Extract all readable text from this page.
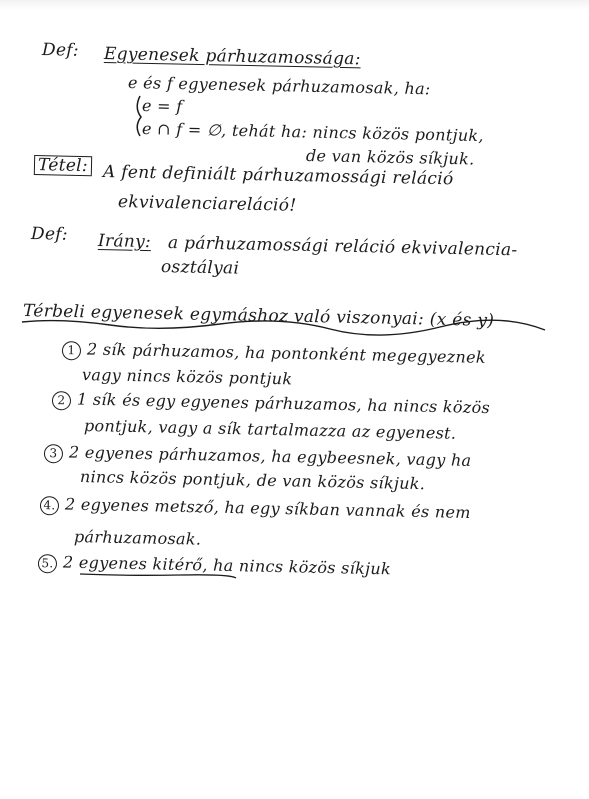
Def: Egyenesek párhuzamossága:
e és f egyenesek párhuzamosak, ha:
e = f
e ∩ f = ∅, tehát ha: nincs közös pontjuk,
de van közös síkjuk.
Tétel: A fent definiált párhuzamossági reláció
ekvivalenciareláció!
Def: Irány: a párhuzamossági reláció ekvivalencia-
osztályai
Térbeli egyenesek egymáshoz való viszonyai: (x és y)
1 2 sík párhuzamos, ha pontonként megegyeznek
vagy nincs közös pontjuk
2 1 sík és egy egyenes párhuzamos, ha nincs közös
pontjuk, vagy a sík tartalmazza az egyenest.
3 2 egyenes párhuzamos, ha egybeesnek, vagy ha
nincs közös pontjuk, de van közös síkjuk.
4. 2 egyenes metsző, ha egy síkban vannak és nem
párhuzamosak.
5. 2 egyenes kitérő, ha nincs közös síkjuk
